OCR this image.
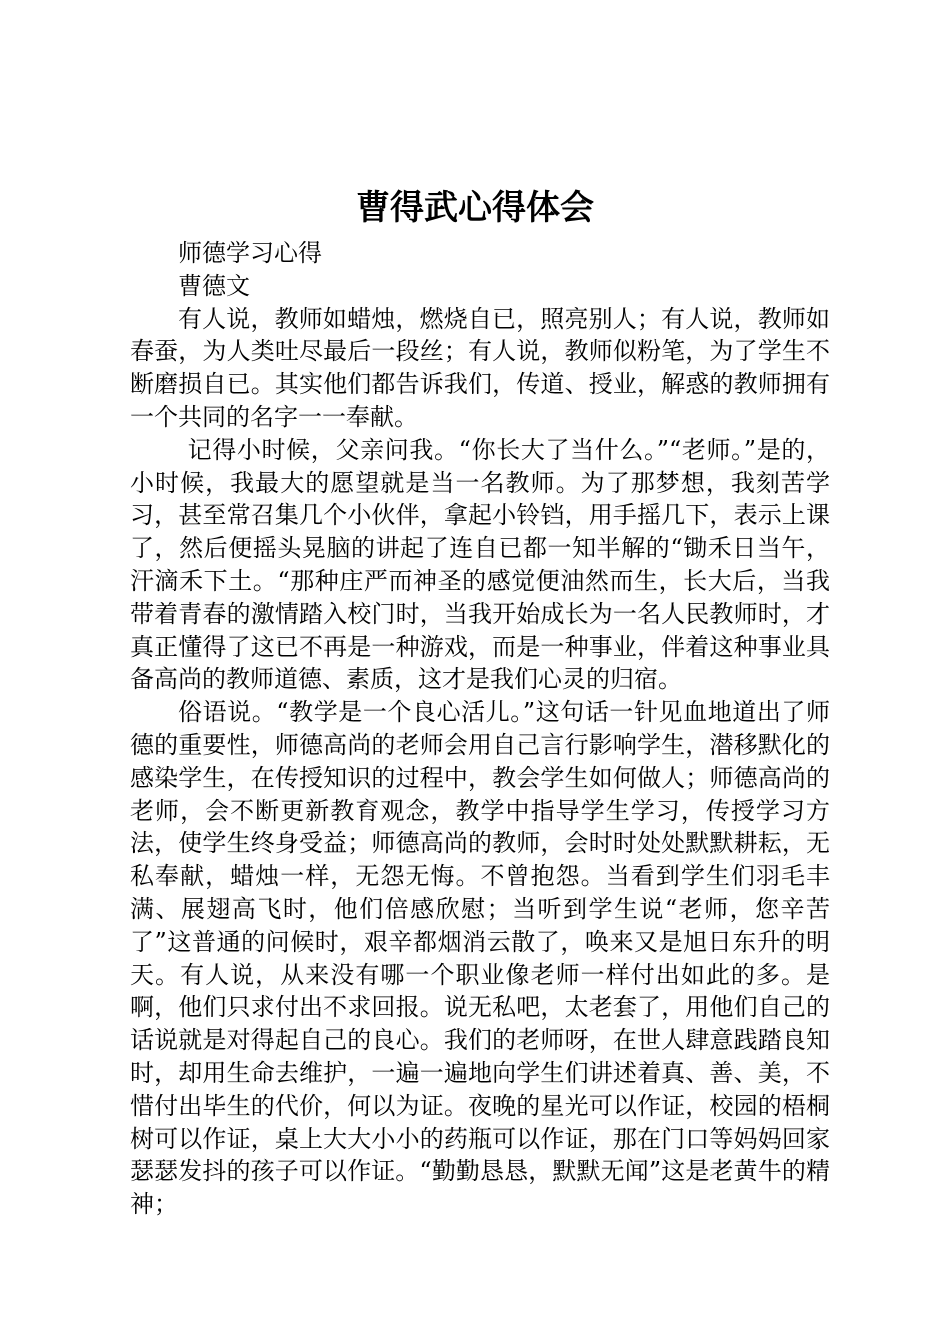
曹得武心得体会

师德学习心得

曹德文

有人说，教师如蜡烛，燃烧自已，照亮别人；有人说，教师如春蚕，为人类吐尽最后一段丝；有人说，教师似粉笔，为了学生不断磨损自已。其实他们都告诉我们，传道、授业，解惑的教师拥有一个共同的名字一一奉献。

记得小时候，父亲问我。“你长大了当什么。”“老师。”是的，小时候，我最大的愿望就是当一名教师。为了那梦想，我刻苦学习，甚至常召集几个小伙伴，拿起小铃铛，用手摇几下，表示上课了，然后便摇头晃脑的讲起了连自已都一知半解的“锄禾日当午，汗滴禾下土。“那种庄严而神圣的感觉便油然而生，长大后，当我带着青春的激情踏入校门时，当我开始成长为一名人民教师时，才真正懂得了这已不再是一种游戏，而是一种事业，伴着这种事业具备高尚的教师道德、素质，这才是我们心灵的归宿。

俗语说。“教学是一个良心活儿。”这句话一针见血地道出了师德的重要性，师德高尚的老师会用自己言行影响学生，潜移默化的感染学生，在传授知识的过程中，教会学生如何做人；师德高尚的老师，会不断更新教育观念，教学中指导学生学习，传授学习方法，使学生终身受益；师德高尚的教师，会时时处处默默耕耘，无私奉献，蜡烛一样，无怨无悔。不曾抱怨。当看到学生们羽毛丰满、展翅高飞时，他们倍感欣慰；当听到学生说“老师，您辛苦了”这普通的问候时，艰辛都烟消云散了，唤来又是旭日东升的明天。有人说，从来没有哪一个职业像老师一样付出如此的多。是啊，他们只求付出不求回报。说无私吧，太老套了，用他们自己的话说就是对得起自己的良心。我们的老师呀，在世人肆意践踏良知时，却用生命去维护，一遍一遍地向学生们讲述着真、善、美，不惜付出毕生的代价，何以为证。夜晚的星光可以作证，校园的梧桐树可以作证，桌上大大小小的药瓶可以作证，那在门口等妈妈回家瑟瑟发抖的孩子可以作证。“勤勤恳恳，默默无闻”这是老黄牛的精神；
